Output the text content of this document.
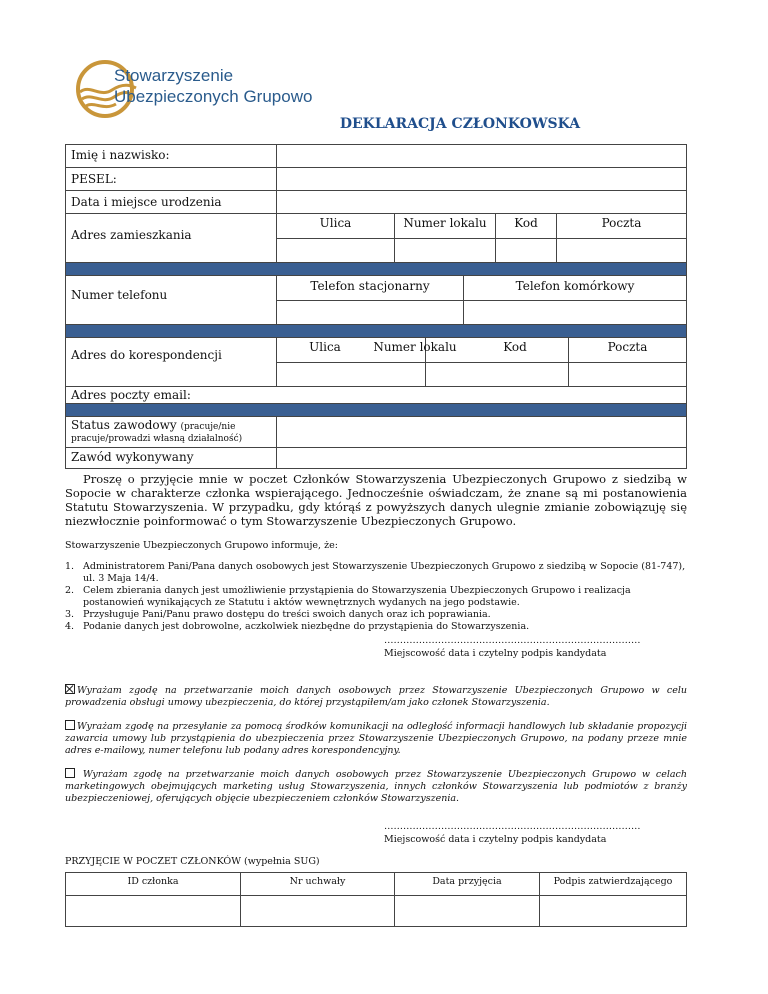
Stowarzyszenie
Ubezpieczonych Grupowo
DEKLARACJA CZŁONKOWSKA
Imię i nazwisko:
PESEL:
Data i miejsce urodzenia
Adres zamieszkania
Ulica	Numer lokalu	Kod	Poczta
Numer telefonu
Telefon stacjonarny	Telefon komórkowy
Adres do korespondencji
Ulica	Numer lokalu	Kod	Poczta
Adres poczty email:
Status zawodowy (pracuje/nie
pracuje/prowadzi własną działalność)
Zawód wykonywany
Proszę o przyjęcie mnie w poczet Członków Stowarzyszenia Ubezpieczonych Grupowo z siedzibą w Sopocie w charakterze członka wspierającego. Jednocześnie oświadczam, że znane są mi postanowienia Statutu Stowarzyszenia. W przypadku, gdy którąś z powyższych danych ulegnie zmianie zobowiązuję się niezwłocznie poinformować o tym Stowarzyszenie Ubezpieczonych Grupowo.
Stowarzyszenie Ubezpieczonych Grupowo informuje, że:
1. Administratorem Pani/Pana danych osobowych jest Stowarzyszenie Ubezpieczonych Grupowo z siedzibą w Sopocie (81-747), ul. 3 Maja 14/4.
2. Celem zbierania danych jest umożliwienie przystąpienia do Stowarzyszenia Ubezpieczonych Grupowo i realizacja postanowień wynikających ze Statutu i aktów wewnętrznych wydanych na jego podstawie.
3. Przysługuje Pani/Panu prawo dostępu do treści swoich danych oraz ich poprawiania.
4. Podanie danych jest dobrowolne, aczkolwiek niezbędne do przystąpienia do Stowarzyszenia.
………………………………………………………………………
Miejscowość data i czytelny podpis kandydata
Wyrażam zgodę na przetwarzanie moich danych osobowych przez Stowarzyszenie Ubezpieczonych Grupowo w celu prowadzenia obsługi umowy ubezpieczenia, do której przystąpiłem/am jako członek Stowarzyszenia.
Wyrażam zgodę na przesyłanie za pomocą środków komunikacji na odległość informacji handlowych lub składanie propozycji zawarcia umowy lub przystąpienia do ubezpieczenia przez Stowarzyszenie Ubezpieczonych Grupowo, na podany przeze mnie adres e-mailowy, numer telefonu lub podany adres korespondencyjny.
Wyrażam zgodę na przetwarzanie moich danych osobowych przez Stowarzyszenie Ubezpieczonych Grupowo w celach marketingowych obejmujących marketing usług Stowarzyszenia, innych członków Stowarzyszenia lub podmiotów z branży ubezpieczeniowej, oferujących objęcie ubezpieczeniem członków Stowarzyszenia.
………………………………………………………………………
Miejscowość data i czytelny podpis kandydata
PRZYJĘCIE W POCZET CZŁONKÓW (wypełnia SUG)
ID członka	Nr uchwały	Data przyjęcia	Podpis zatwierdzającego
